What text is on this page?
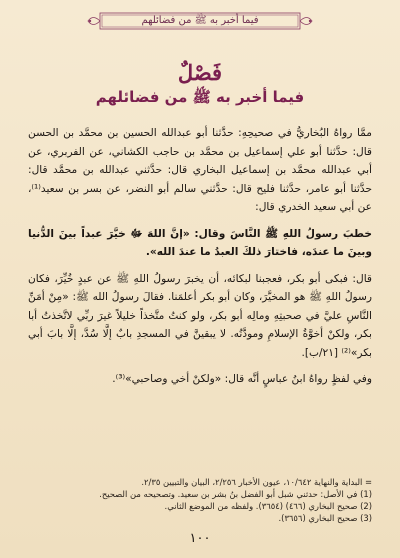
فيما أخبر به ﷺ من فضائلهم
فَصْلٌ
فيما أخبر به ﷺ من فضائلهم

ممَّا رواهُ البُخاريُّ في صحيحِهِ: حدَّثنا أبو عبدالله الحسين بن محمَّد بن الحسن قال: حدَّثنا أبو علي إسماعيل بن محمَّد بن حاجب الكشاني، عن الفربري، عن أبي عبدالله محمَّد بن إسماعيل البخاري قال: حدَّثني عبدالله بن محمَّد قال: حدَّثنا أبو عامر، حدَّثنا فليح قال: حدَّثني سالم أبو النضر، عن بسر بن سعيد⁽¹⁾، عن أبي سعيد الخدري قال:

خطبَ رسولُ اللهِ ﷺ النَّاسَ وقال: «إنَّ اللهَ ﷻ خيَّرَ عبداً بينَ الدُّنيا وبينَ ما عندَه، فاختارَ ذلكَ العبدُ ما عندَ الله».

قال: فبكى أبو بكر، فعجبنا لبكائه، أن يخبرَ رسولُ اللهِ ﷺ عن عبدٍ خُيِّرَ، فكان رسولُ اللهِ ﷺ هو المخيَّرَ، وكان أبو بكر أعلمَنا. فقالَ رسولُ الله ﷺ: «مِنْ أمَنِّ النَّاسِ عليَّ في صحبتِهِ ومالِه أبو بكر، ولو كنتُ متَّخذاً خليلاً غيرَ ربِّي لاتَّخذتُ أبا بكر، ولكنْ أخوَّةُ الإسلامِ ومودَّتُه. لا يبقينَّ في المسجدِ بابٌ إلَّا سُدَّ، إلَّا بابَ أبي بكر»⁽²⁾ [٢١/ب].

وفي لفظٍ رواهُ ابنُ عباسٍ أنَّه قال: «ولكنْ أخي وصاحبي»⁽³⁾.

= البداية والنهاية ١٠/٦٤٢، عيون الأخبار ٢/٢٥٦، البيان والتبيين ٢/٣٥.
(1) في الأصل: حدثني شبل أبو الفضل بنُ بشر بن سعيد. وتصحيحه من الصحيح.
(2) صحيح البخاري (٤٦٦) (٣٦٥٤). ولفظه من الموضع الثاني.
(3) صحيح البخاري (٣٦٥٦).
١٠٠
